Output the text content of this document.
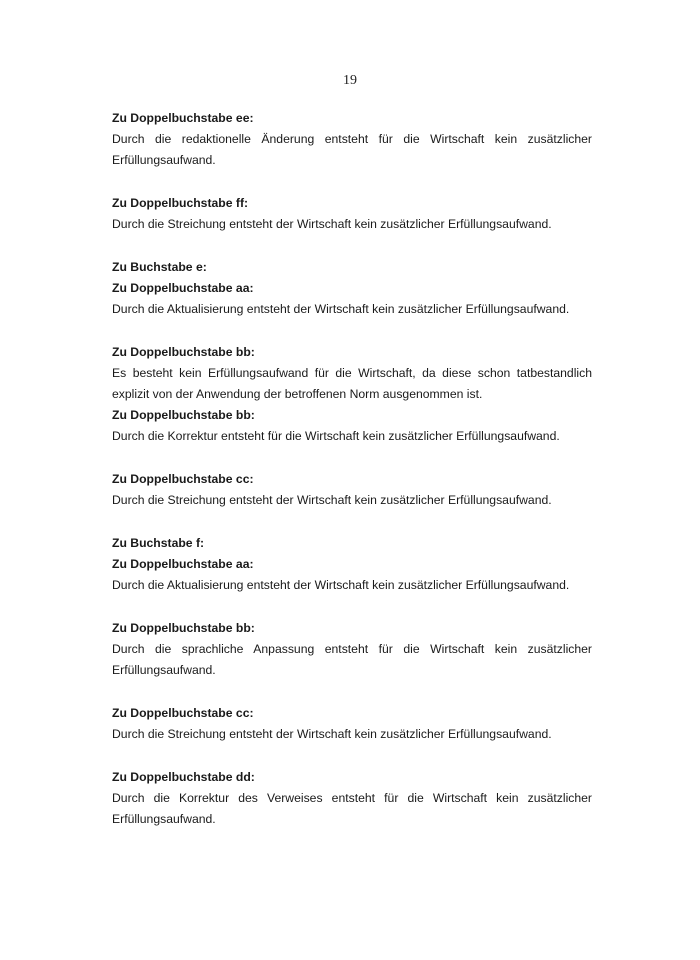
19
Zu Doppelbuchstabe ee:
Durch die redaktionelle Änderung entsteht für die Wirtschaft kein zusätzlicher Erfüllungsaufwand.
Zu Doppelbuchstabe ff:
Durch die Streichung entsteht der Wirtschaft kein zusätzlicher Erfüllungsaufwand.
Zu Buchstabe e:
Zu Doppelbuchstabe aa:
Durch die Aktualisierung entsteht der Wirtschaft kein zusätzlicher Erfüllungsaufwand.
Zu Doppelbuchstabe bb:
Es besteht kein Erfüllungsaufwand für die Wirtschaft, da diese schon tatbestandlich explizit von der Anwendung der betroffenen Norm ausgenommen ist.
Zu Doppelbuchstabe bb:
Durch die Korrektur entsteht für die Wirtschaft kein zusätzlicher Erfüllungsaufwand.
Zu Doppelbuchstabe cc:
Durch die Streichung entsteht der Wirtschaft kein zusätzlicher Erfüllungsaufwand.
Zu Buchstabe f:
Zu Doppelbuchstabe aa:
Durch die Aktualisierung entsteht der Wirtschaft kein zusätzlicher Erfüllungsaufwand.
Zu Doppelbuchstabe bb:
Durch die sprachliche Anpassung entsteht für die Wirtschaft kein zusätzlicher Erfüllungsaufwand.
Zu Doppelbuchstabe cc:
Durch die Streichung entsteht der Wirtschaft kein zusätzlicher Erfüllungsaufwand.
Zu Doppelbuchstabe dd:
Durch die Korrektur des Verweises entsteht für die Wirtschaft kein zusätzlicher Erfüllungsaufwand.
